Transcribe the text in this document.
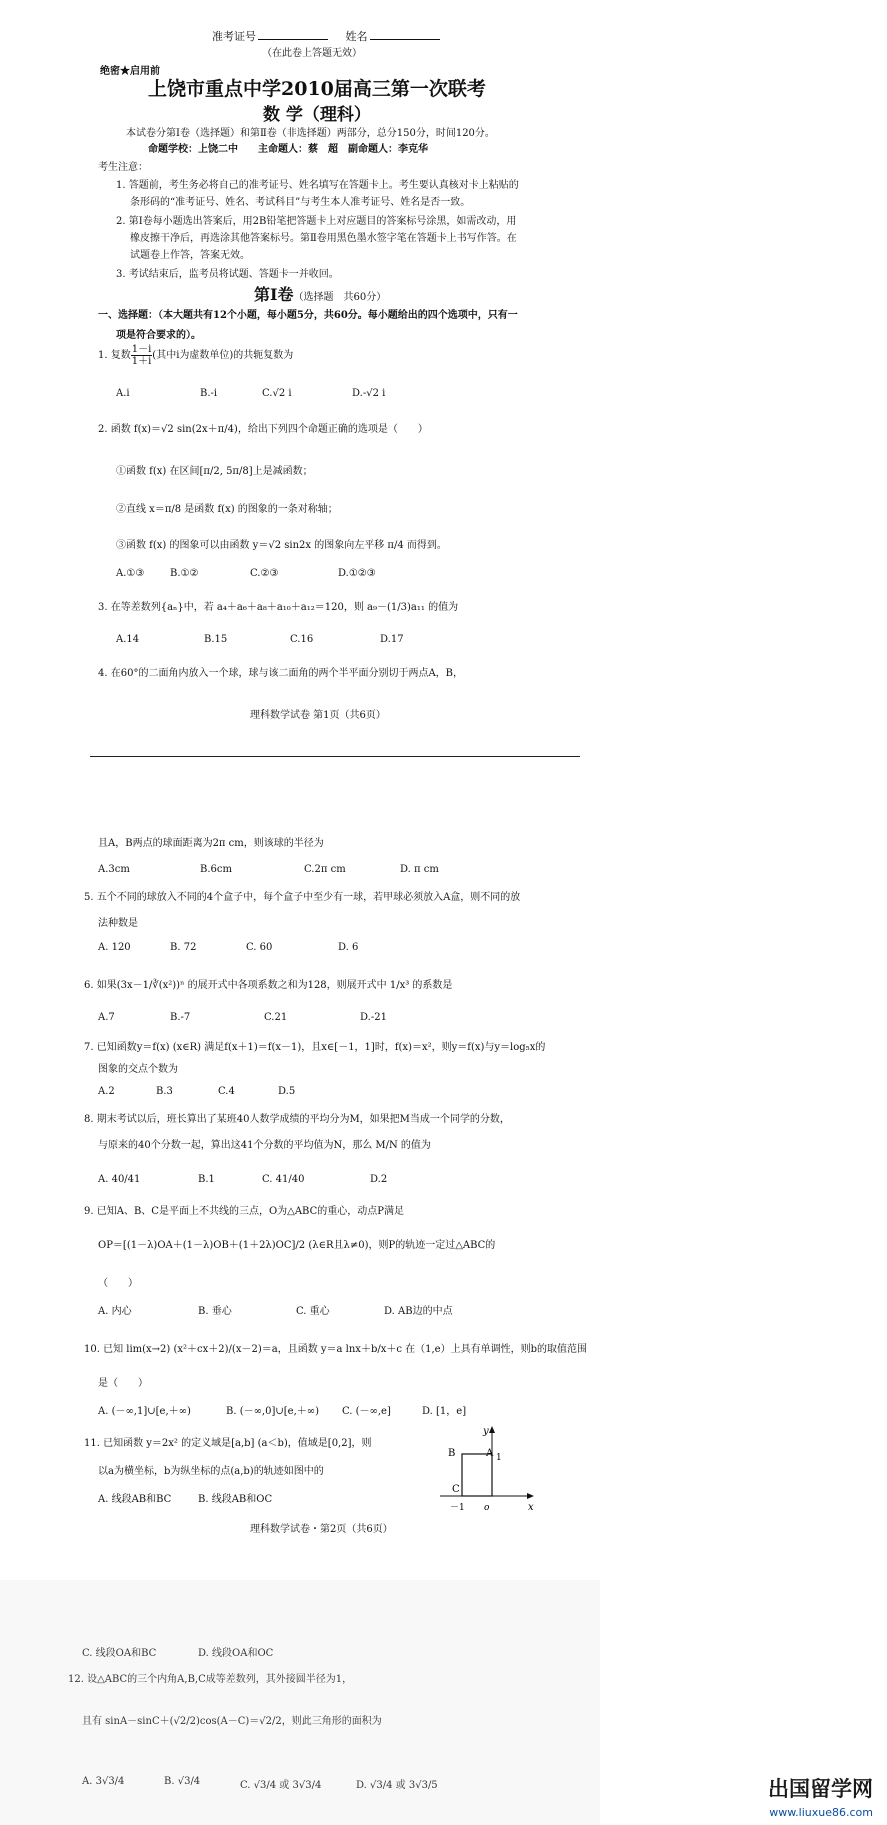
准考证号	姓名
（在此卷上答题无效）
绝密★启用前
上饶市重点中学2010届高三第一次联考
数 学（理科）
本试卷分第Ⅰ卷（选择题）和第Ⅱ卷（非选择题）两部分，总分150分，时间120分。
命题学校：上饶二中　　主命题人：蔡　超　副命题人：李克华
考生注意：
1. 答题前，考生务必将自己的准考证号、姓名填写在答题卡上。考生要认真核对卡上粘贴的
条形码的“准考证号、姓名、考试科目”与考生本人准考证号、姓名是否一致。
2. 第Ⅰ卷每小题选出答案后，用2B铅笔把答题卡上对应题目的答案标号涂黑，如需改动，用
橡皮擦干净后，再选涂其他答案标号。第Ⅱ卷用黑色墨水签字笔在答题卡上书写作答。在
试题卷上作答，答案无效。
3. 考试结束后，监考员将试题、答题卡一并收回。
第Ⅰ卷（选择题　共60分）
一、选择题：（本大题共有12个小题，每小题5分，共60分。每小题给出的四个选项中，只有一
项是符合要求的）。
1. 复数 $\frac{1-i}{1+i}$ (其中i为虚数单位)的共轭复数为
A.i	B.-i	C.√2 i	D.-√2 i
2. 函数 f(x)＝√2 sin(2x＋π/4)，给出下列四个命题正确的选项是（　　）
①函数 f(x) 在区间[π/2, 5π/8]上是减函数；
②直线 x＝π/8 是函数 f(x) 的图象的一条对称轴；
③函数 f(x) 的图象可以由函数 y＝√2 sin2x 的图象向左平移 π/4 而得到。
A.①③	B.①②	C.②③	D.①②③
3. 在等差数列{aₙ}中，若 a₄＋a₆＋a₈＋a₁₀＋a₁₂＝120，则 a₉－(1/3)a₁₁ 的值为
A.14	B.15	C.16	D.17
4. 在60°的二面角内放入一个球，球与该二面角的两个半平面分别切于两点A，B，
理科数学试卷 第1页（共6页）
且A，B两点的球面距离为2π cm，则该球的半径为
A.3cm	B.6cm	C.2π cm	D. π cm
5. 五个不同的球放入不同的4个盒子中，每个盒子中至少有一球，若甲球必须放入A盒，则不同的放
法种数是
A. 120	B. 72	C. 60	D. 6
6. 如果(3x－1/∛(x²))ⁿ 的展开式中各项系数之和为128，则展开式中 1/x³ 的系数是
A.7	B.-7	C.21	D.-21
7. 已知函数y＝f(x) (x∈R) 满足f(x＋1)＝f(x－1)，且x∈[－1，1]时，f(x)＝x²，则y＝f(x)与y＝log₅x的
图象的交点个数为
A.2	B.3	C.4	D.5
8. 期末考试以后，班长算出了某班40人数学成绩的平均分为M，如果把M当成一个同学的分数，
与原来的40个分数一起，算出这41个分数的平均值为N，那么 M/N 的值为
A. 40/41	B.1	C. 41/40	D.2
9. 已知A、B、C是平面上不共线的三点，O为△ABC的重心，动点P满足
OP＝[(1－λ)OA＋(1－λ)OB＋(1＋2λ)OC]/2 (λ∈R且λ≠0)，则P的轨迹一定过△ABC的
（　　）
A. 内心	B. 垂心	C. 重心	D. AB边的中点
10. 已知 lim(x→2) (x²＋cx＋2)/(x－2)＝a，且函数 y＝a lnx＋b/x＋c 在（1,e）上具有单调性，则b的取值范围
是（　　）
A. (－∞,1]∪[e,＋∞)	B. (－∞,0]∪[e,＋∞) C. (－∞,e]	D. [1，e]
11. 已知函数 y＝2x² 的定义域是[a,b] (a＜b)，值域是[0,2]，则
以a为横坐标，b为纵坐标的点(a,b)的轨迹如图中的
A. 线段AB和BC	B. 线段AB和OC
B	A
C
y
x
1
－1 o
理科数学试卷・第2页（共6页）
C. 线段OA和BC	D. 线段OA和OC
12. 设△ABC的三个内角A,B,C成等差数列，其外接圆半径为1，
且有 sinA－sinC＋(√2/2)cos(A－C)＝√2/2，则此三角形的面积为
A. 3√3/4	B. √3/4	C. √3/4 或 3√3/4	D. √3/4 或 3√3/5	出国留学网
www.liuxue86.com
